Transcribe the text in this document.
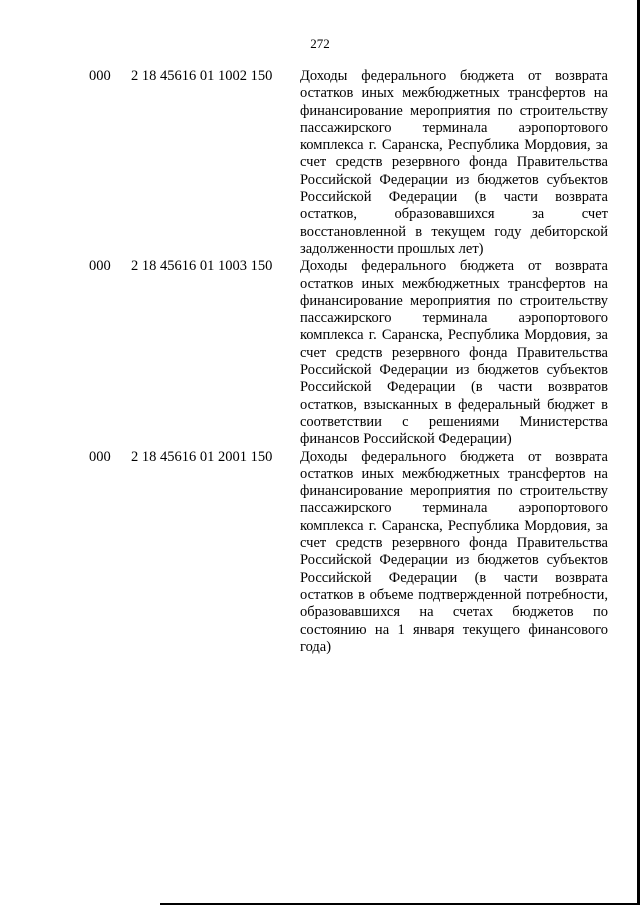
272
000 2 18 45616 01 1002 150 Доходы федерального бюджета от возврата остатков иных межбюджетных трансфертов на финансирование мероприятия по строительству пассажирского терминала аэропортового комплекса г. Саранска, Республика Мордовия, за счет средств резервного фонда Правительства Российской Федерации из бюджетов субъектов Российской Федерации (в части возврата остатков, образовавшихся за счет восстановленной в текущем году дебиторской задолженности прошлых лет)
000 2 18 45616 01 1003 150 Доходы федерального бюджета от возврата остатков иных межбюджетных трансфертов на финансирование мероприятия по строительству пассажирского терминала аэропортового комплекса г. Саранска, Республика Мордовия, за счет средств резервного фонда Правительства Российской Федерации из бюджетов субъектов Российской Федерации (в части возвратов остатков, взысканных в федеральный бюджет в соответствии с решениями Министерства финансов Российской Федерации)
000 2 18 45616 01 2001 150 Доходы федерального бюджета от возврата остатков иных межбюджетных трансфертов на финансирование мероприятия по строительству пассажирского терминала аэропортового комплекса г. Саранска, Республика Мордовия, за счет средств резервного фонда Правительства Российской Федерации из бюджетов субъектов Российской Федерации (в части возврата остатков в объеме подтвержденной потребности, образовавшихся на счетах бюджетов по состоянию на 1 января текущего финансового года)
